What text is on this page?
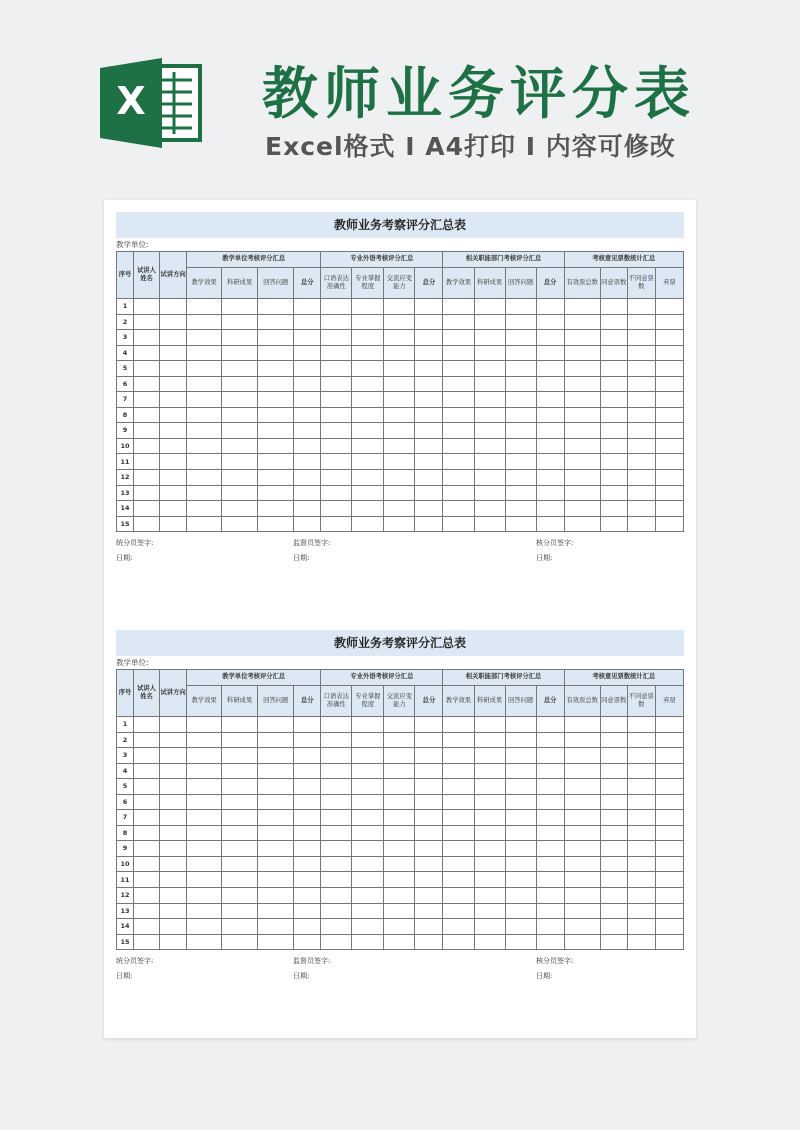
X 教师业务评分表
Excel格式 I A4打印 I 内容可修改
教师业务考察评分汇总表
教学单位:
序号	试讲人姓名	试讲方向	教学单位考核评分汇总				专业外语考核评分汇总				相关职能部门考核评分汇总				考核意见票数统计汇总			
			教学效果	科研成果	回答问题	总分	口语表达准确性	专业掌握程度	交流应变能力	总分	教学效果	科研成果	回答问题	总分	有效票总数	同意票数	不同意票数	弃票
1																		
2																		
3																		
4																		
5																		
6																		
7																		
8																		
9																		
10																		
11																		
12																		
13																		
14																		
15																		
统分员签字:	监督员签字:	核分员签字:
日期:	日期:	日期:
教师业务考察评分汇总表
教学单位:
序号	试讲人姓名	试讲方向	教学单位考核评分汇总				专业外语考核评分汇总				相关职能部门考核评分汇总				考核意见票数统计汇总			
			教学效果	科研成果	回答问题	总分	口语表达准确性	专业掌握程度	交流应变能力	总分	教学效果	科研成果	回答问题	总分	有效票总数	同意票数	不同意票数	弃票
1																		
2																		
3																		
4																		
5																		
6																		
7																		
8																		
9																		
10																		
11																		
12																		
13																		
14																		
15																		
统分员签字:	监督员签字:	核分员签字:
日期:	日期:	日期:
